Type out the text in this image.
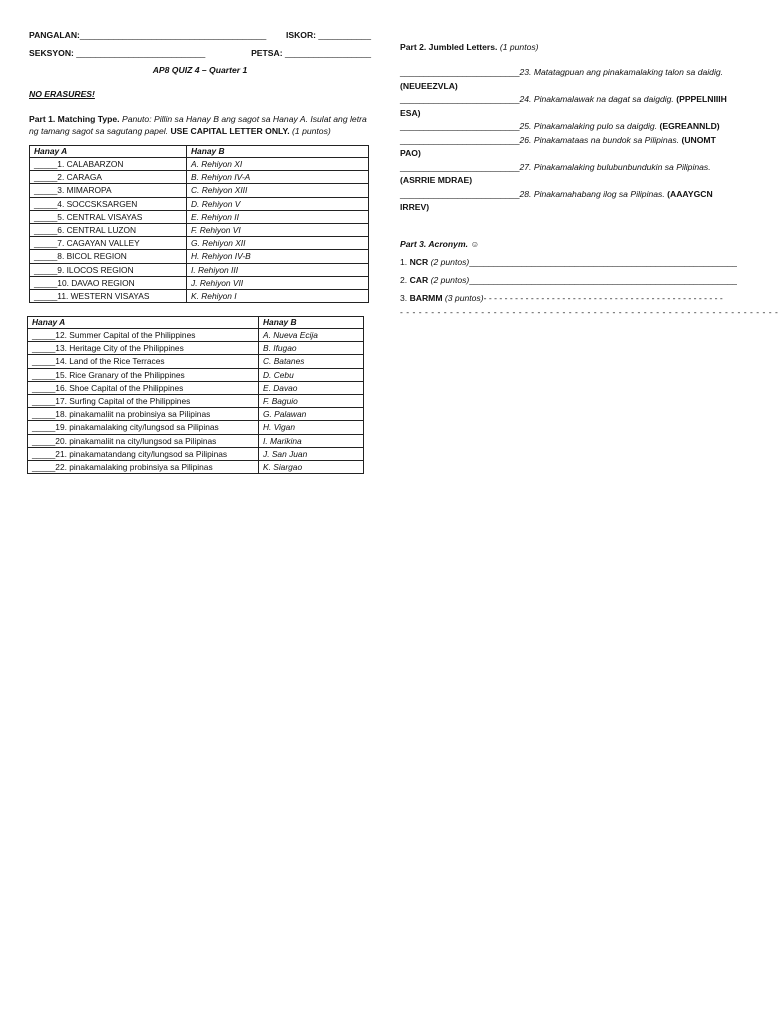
PANGALAN:_______________________________________ ISKOR: ___________
SEKSYON: ___________________________	PETSA: __________________
AP8 QUIZ 4 – Quarter 1
NO ERASURES!
Part 1. Matching Type. Panuto: Pillin sa Hanay B ang sagot sa Hanay A. Isulat ang letra ng tamang sagot sa sagutang papel. USE CAPITAL LETTER ONLY. (1 puntos)
Hanay A	Hanay B
_____1. CALABARZON	A. Rehiyon XI
_____2. CARAGA	B. Rehiyon IV-A
_____3. MIMAROPA	C. Rehiyon XIII
_____4. SOCCSKSARGEN	D. Rehiyon V
_____5. CENTRAL VISAYAS	E. Rehiyon II
_____6. CENTRAL LUZON	F. Rehiyon VI
_____7. CAGAYAN VALLEY	G. Rehiyon XII
_____8. BICOL REGION	H. Rehiyon IV-B
_____9. ILOCOS REGION	I. Rehiyon III
_____10. DAVAO REGION	J. Rehiyon VII
_____11. WESTERN VISAYAS	K. Rehiyon I
Hanay A	Hanay B
_____12. Summer Capital of the Philippines	A. Nueva Ecija
_____13. Heritage City of the Philippines	B. Ifugao
_____14. Land of the Rice Terraces	C. Batanes
_____15. Rice Granary of the Philippines	D. Cebu
_____16. Shoe Capital of the Philippines	E. Davao
_____17. Surfing Capital of the Philippines	F. Baguio
_____18. pinakamaliit na probinsiya sa Pilipinas	G. Palawan
_____19. pinakamalaking city/lungsod sa Pilipinas	H. Vigan
_____20. pinakamaliit na city/lungsod sa Pilipinas	I. Marikina
_____21. pinakamatandang city/lungsod sa Pilipinas	J. San Juan
_____22. pinakamalaking probinsiya sa Pilipinas	K. Siargao
Part 2. Jumbled Letters. (1 puntos)
_________________________23. Matatagpuan ang pinakamalaking talon sa daidig. (NEUEEZVLA)
_________________________24. Pinakamalawak na dagat sa daigdig. (PPPELNIIIH ESA)
_________________________25. Pinakamalaking pulo sa daigdig. (EGREANNLD)
_________________________26. Pinakamataas na bundok sa Pilipinas. (UNOMT PAO)
_________________________27. Pinakamalaking bulubunbundukin sa Pilipinas. (ASRRIE MDRAE)
_________________________28. Pinakamahabang ilog sa Pilipinas. (AAAYGCN IRREV)
Part 3. Acronym. ☺
1. NCR (2 puntos)________________________________________________________
2. CAR (2 puntos)________________________________________________________
3. BARMM (3 puntos)- - - - - - - - - - - - - - - - - - - - - - - - - - - - - - - - - - - - - - - - - - - - - -
- - - - - - - - - - - - - - - - - - - - - - - - - - - - - - - - - - - - - - - - - - - - - - - - - - - - - - - - - - - - -
